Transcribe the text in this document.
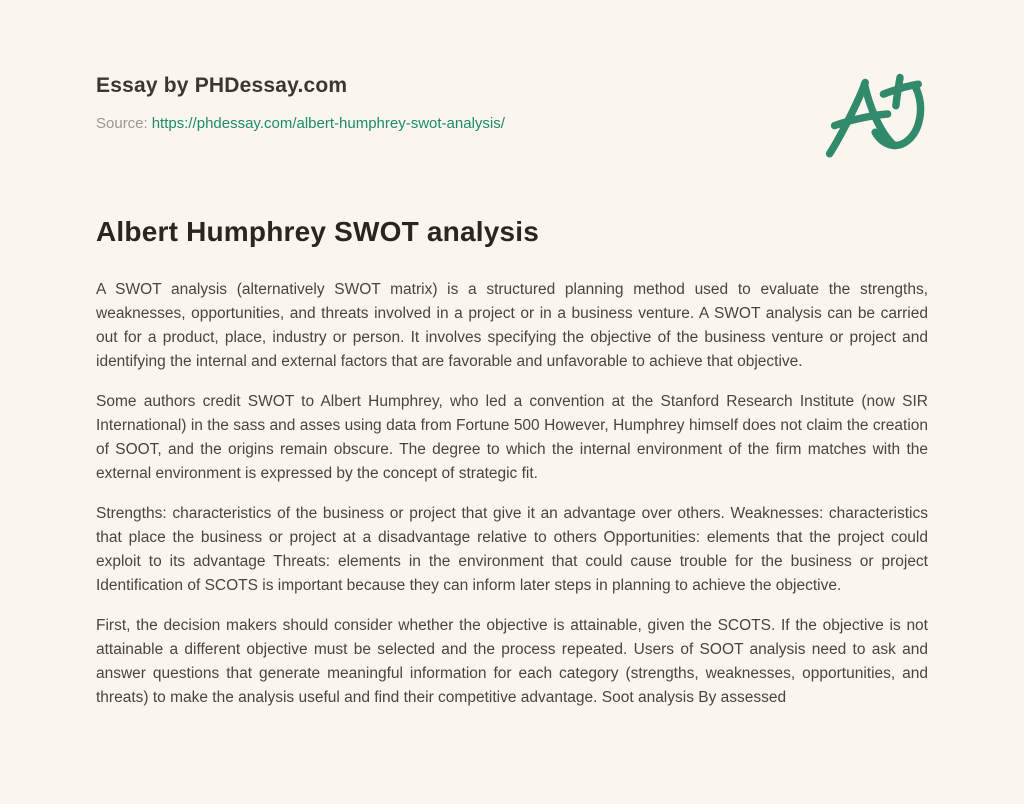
Essay by PHDessay.com
Source: https://phdessay.com/albert-humphrey-swot-analysis/
Albert Humphrey SWOT analysis

A SWOT analysis (alternatively SWOT matrix) is a structured planning method used to evaluate the strengths, weaknesses, opportunities, and threats involved in a project or in a business venture. A SWOT analysis can be carried out for a product, place, industry or person. It involves specifying the objective of the business venture or project and identifying the internal and external factors that are favorable and unfavorable to achieve that objective.

Some authors credit SWOT to Albert Humphrey, who led a convention at the Stanford Research Institute (now SIR International) in the sass and asses using data from Fortune 500 However, Humphrey himself does not claim the creation of SOOT, and the origins remain obscure. The degree to which the internal environment of the firm matches with the external environment is expressed by the concept of strategic fit.

Strengths: characteristics of the business or project that give it an advantage over others. Weaknesses: characteristics that place the business or project at a disadvantage relative to others Opportunities: elements that the project could exploit to its advantage Threats: elements in the environment that could cause trouble for the business or project Identification of SCOTS is important because they can inform later steps in planning to achieve the objective.

First, the decision makers should consider whether the objective is attainable, given the SCOTS. If the objective is not attainable a different objective must be selected and the process repeated. Users of SOOT analysis need to ask and answer questions that generate meaningful information for each category (strengths, weaknesses, opportunities, and threats) to make the analysis useful and find their competitive advantage. Soot analysis By assessed
